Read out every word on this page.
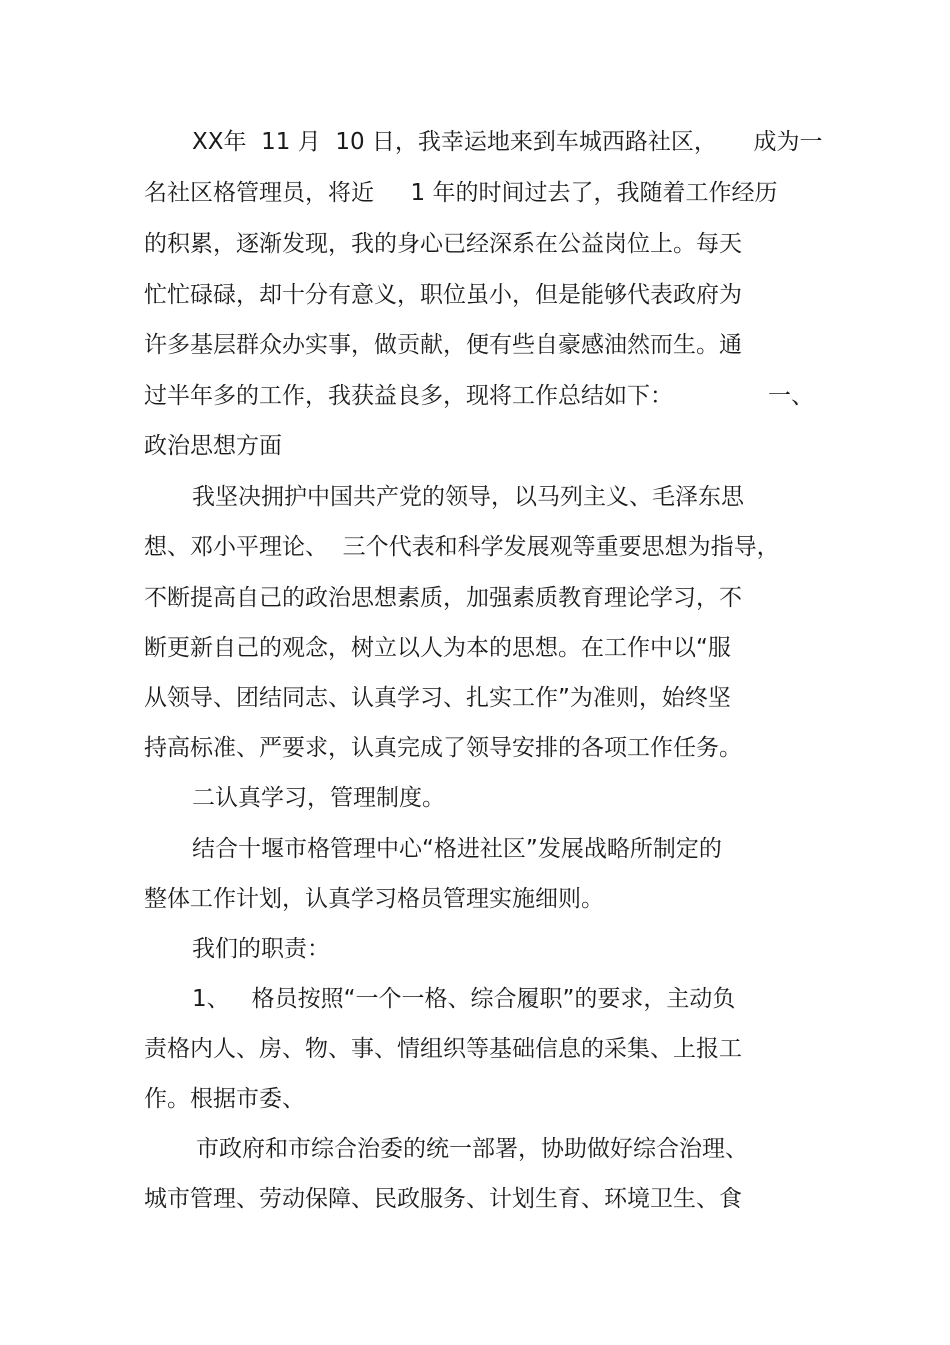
XX年  11 月  10 日，我幸运地来到车城西路社区，     成为一
名社区格管理员，将近     1 年的时间过去了，我随着工作经历
的积累，逐渐发现，我的身心已经深系在公益岗位上。每天
忙忙碌碌，却十分有意义，职位虽小，但是能够代表政府为
许多基层群众办实事，做贡献，便有些自豪感油然而生。通
过半年多的工作，我获益良多，现将工作总结如下：             一、
政治思想方面
我坚决拥护中国共产党的领导，以马列主义、毛泽东思
想、邓小平理论、  三个代表和科学发展观等重要思想为指导，
不断提高自己的政治思想素质，加强素质教育理论学习，不
断更新自己的观念，树立以人为本的思想。在工作中以“服
从领导、团结同志、认真学习、扎实工作”为准则，始终坚
持高标准、严要求，认真完成了领导安排的各项工作任务。
二认真学习，管理制度。
结合十堰市格管理中心“格进社区”发展战略所制定的
整体工作计划，认真学习格员管理实施细则。
我们的职责：
1、   格员按照“一个一格、综合履职”的要求，主动负
责格内人、房、物、事、情组织等基础信息的采集、上报工
作。根据市委、
市政府和市综合治委的统一部署，协助做好综合治理、
城市管理、劳动保障、民政服务、计划生育、环境卫生、食
